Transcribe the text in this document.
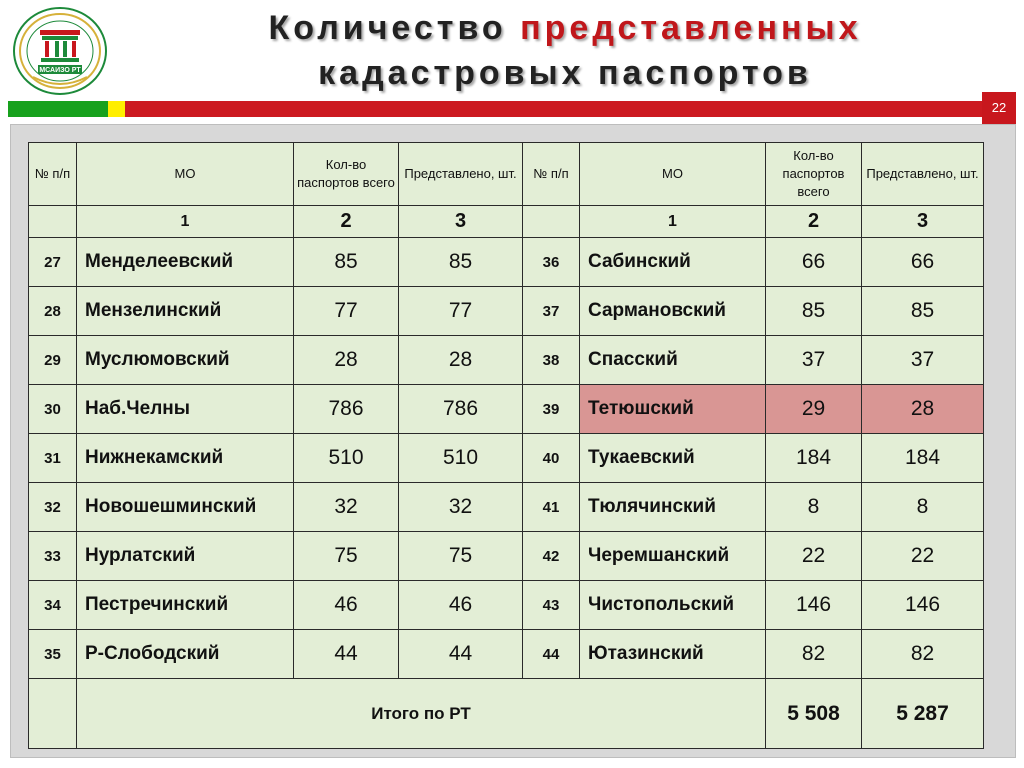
МСАИЗО РТ
Количество представленных
кадастровых паспортов
22
№ п/п	МО	Кол-во паспортов всего	Представлено, шт.	№ п/п	МО	Кол-во паспортов всего	Представлено, шт.
	1	2	3		1	2	3
27	Менделеевский	85	85	36	Сабинский	66	66
28	Мензелинский	77	77	37	Сармановский	85	85
29	Муслюмовский	28	28	38	Спасский	37	37
30	Наб.Челны	786	786	39	Тетюшский	29	28
31	Нижнекамский	510	510	40	Тукаевский	184	184
32	Новошешминский	32	32	41	Тюлячинский	8	8
33	Нурлатский	75	75	42	Черемшанский	22	22
34	Пестречинский	46	46	43	Чистопольский	146	146
35	Р-Слободский	44	44	44	Ютазинский	82	82
	Итого по РТ					5 508	5 287
